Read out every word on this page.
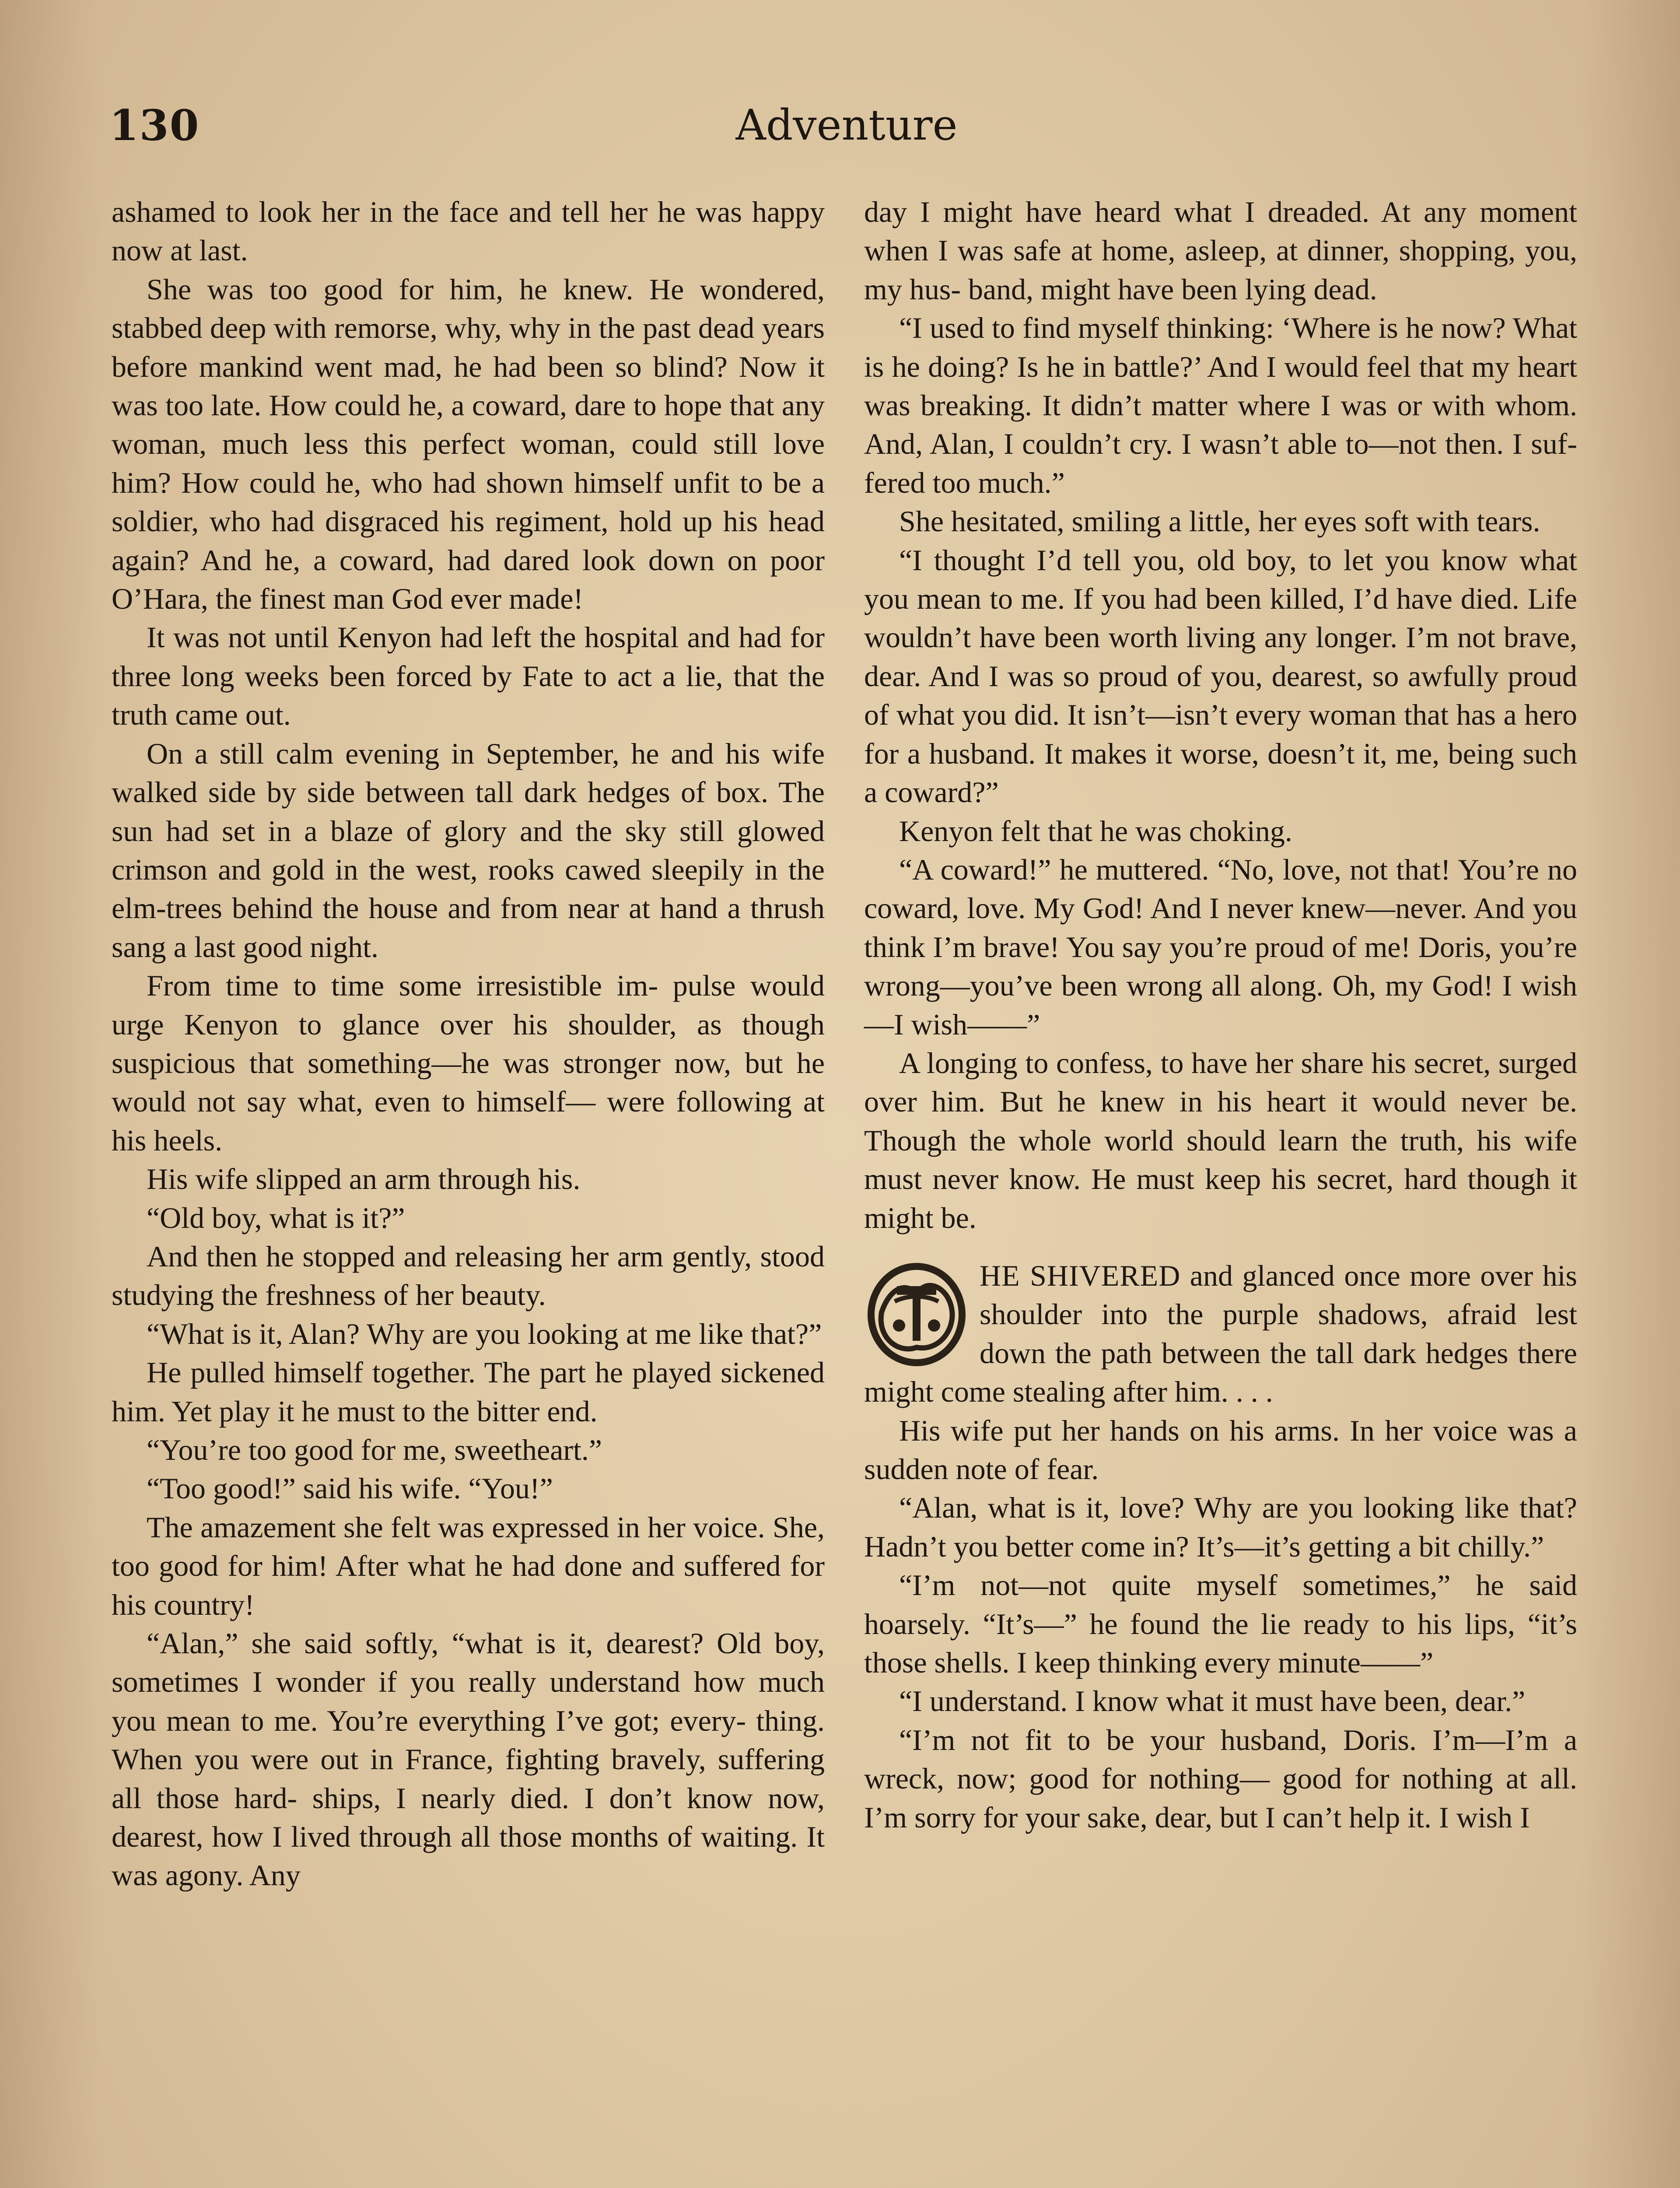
130	Adventure

ashamed to look her in the face and tell her he was happy now at last.

She was too good for him, he knew. He wondered, stabbed deep with remorse, why, why in the past dead years before mankind went mad, he had been so blind? Now it was too late. How could he, a coward, dare to hope that any woman, much less this perfect woman, could still love him? How could he, who had shown himself unfit to be a soldier, who had disgraced his regiment, hold up his head again? And he, a coward, had dared look down on poor O’Hara, the finest man God ever made!

It was not until Kenyon had left the hospital and had for three long weeks been forced by Fate to act a lie, that the truth came out.

On a still calm evening in September, he and his wife walked side by side between tall dark hedges of box. The sun had set in a blaze of glory and the sky still glowed crimson and gold in the west, rooks cawed sleepily in the elm-trees behind the house and from near at hand a thrush sang a last good night.

From time to time some irresistible im- pulse would urge Kenyon to glance over his shoulder, as though suspicious that something—he was stronger now, but he would not say what, even to himself— were following at his heels.

His wife slipped an arm through his.

“Old boy, what is it?”

And then he stopped and releasing her arm gently, stood studying the freshness of her beauty.

“What is it, Alan? Why are you looking at me like that?”

He pulled himself together. The part he played sickened him. Yet play it he must to the bitter end.

“You’re too good for me, sweetheart.”

“Too good!” said his wife. “You!”

The amazement she felt was expressed in her voice. She, too good for him! After what he had done and suffered for his country!

“Alan,” she said softly, “what is it, dearest? Old boy, sometimes I wonder if you really understand how much you mean to me. You’re everything I’ve got; every- thing. When you were out in France, fighting bravely, suffering all those hard- ships, I nearly died. I don’t know now, dearest, how I lived through all those months of waiting. It was agony. Any

day I might have heard what I dreaded. At any moment when I was safe at home, asleep, at dinner, shopping, you, my hus- band, might have been lying dead.

“I used to find myself thinking: ‘Where is he now? What is he doing? Is he in battle?’ And I would feel that my heart was breaking. It didn’t matter where I was or with whom. And, Alan, I couldn’t cry. I wasn’t able to—not then. I suf- fered too much.”

She hesitated, smiling a little, her eyes soft with tears.

“I thought I’d tell you, old boy, to let you know what you mean to me. If you had been killed, I’d have died. Life wouldn’t have been worth living any longer. I’m not brave, dear. And I was so proud of you, dearest, so awfully proud of what you did. It isn’t—isn’t every woman that has a hero for a husband. It makes it worse, doesn’t it, me, being such a coward?”

Kenyon felt that he was choking.

“A coward!” he muttered. “No, love, not that! You’re no coward, love. My God! And I never knew—never. And you think I’m brave! You say you’re proud of me! Doris, you’re wrong—you’ve been wrong all along. Oh, my God! I wish—I wish——”

A longing to confess, to have her share his secret, surged over him. But he knew in his heart it would never be. Though the whole world should learn the truth, his wife must never know. He must keep his secret, hard though it might be.

HE SHIVERED and glanced once more over his shoulder into the purple shadows, afraid lest down the path between the tall dark hedges there might come stealing after him. . . .

His wife put her hands on his arms. In her voice was a sudden note of fear.

“Alan, what is it, love? Why are you looking like that? Hadn’t you better come in? It’s—it’s getting a bit chilly.”

“I’m not—not quite myself sometimes,” he said hoarsely. “It’s—” he found the lie ready to his lips, “it’s those shells. I keep thinking every minute——”

“I understand. I know what it must have been, dear.”

“I’m not fit to be your husband, Doris. I’m—I’m a wreck, now; good for nothing— good for nothing at all. I’m sorry for your sake, dear, but I can’t help it. I wish I
